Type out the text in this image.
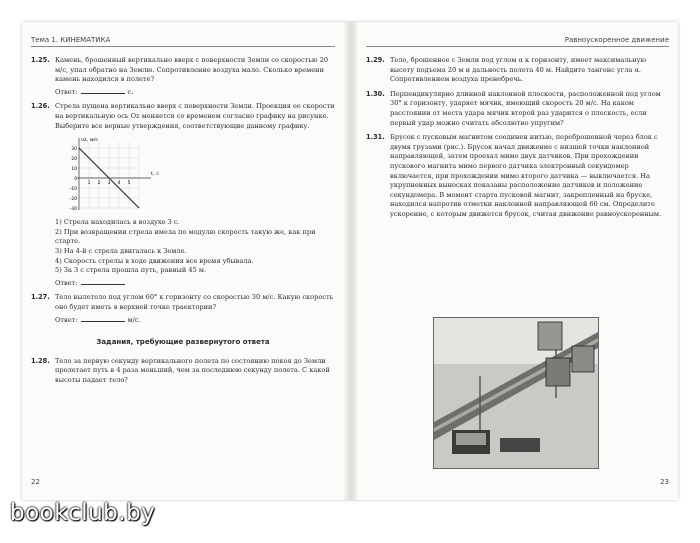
Тема 1. КИНЕМАТИКА
1.25. Камень, брошенный вертикально вверх с поверхности Земли со скоростью 20 м/с, упал обратно на Землю. Сопротивление воздуха мало. Сколько времени камень находился в полете?
Ответ:	с.
1.26. Стрела пущена вертикально вверх с поверхности Земли. Проекция ее скорости на вертикальную ось Oz меняется со временем согласно графику на рисунке. Выберите все верные утверждения, соответствующие данному графику.
υz, м/с
t, с
30
20
10
0
–10
–20
–30
1 2 3 4 5

1) Стрела находилась в воздухе 3 с.

2) При возвращении стрела имела по модулю скорость такую же, как при старте.

3) На 4-й с стрела двигалась к Земле.

4) Скорость стрелы в ходе движения все время убывала.

5) За 3 с стрела прошла путь, равный 45 м.

Ответ:
1.27. Тело вылетело под углом 60° к горизонту со скоростью 30 м/с. Какую скорость оно будет иметь в верхней точке траектории?
Ответ:	м/с.
Задания, требующие развернутого ответа
1.28. Тело за первую секунду вертикального полета по состоянию покоя до Земли пролетает путь в 4 раза меньший, чем за последнюю секунду полета. С какой высоты падает тело?
22
Равноускоренное движение
1.29. Тело, брошенное с Земли под углом α к горизонту, имеет максимальную высоту подъема 20 м и дальность полета 40 м. Найдите тангенс угла α. Сопротивлением воздуха пренебречь.
1.30. Перпендикулярно длинной наклонной плоскости, расположенной под углом 30° к горизонту, ударяет мячик, имеющий скорость 20 м/с. На каком расстоянии от места удара мячик второй раз ударится о плоскость, если первый удар можно считать абсолютно упругим?
1.31. Брусок с пусковым магнитом соединен нитью, переброшенной через блок с двумя грузами (рис.). Брусок начал движение с низшей точки наклонной направляющей, затем проехал мимо двух датчиков. При прохождении пускового магнита мимо первого датчика электронный секундомер включается, при прохождении мимо второго датчика — выключается. На укрупненных выносках показаны расположение датчиков и положение секундомера. В момент старта пусковой магнит, закрепленный на бруске, находился напротив отметки наклонной направляющей 60 см. Определите ускорение, с которым движется брусок, считая движение равноускоренным.
23
bookclub.by
